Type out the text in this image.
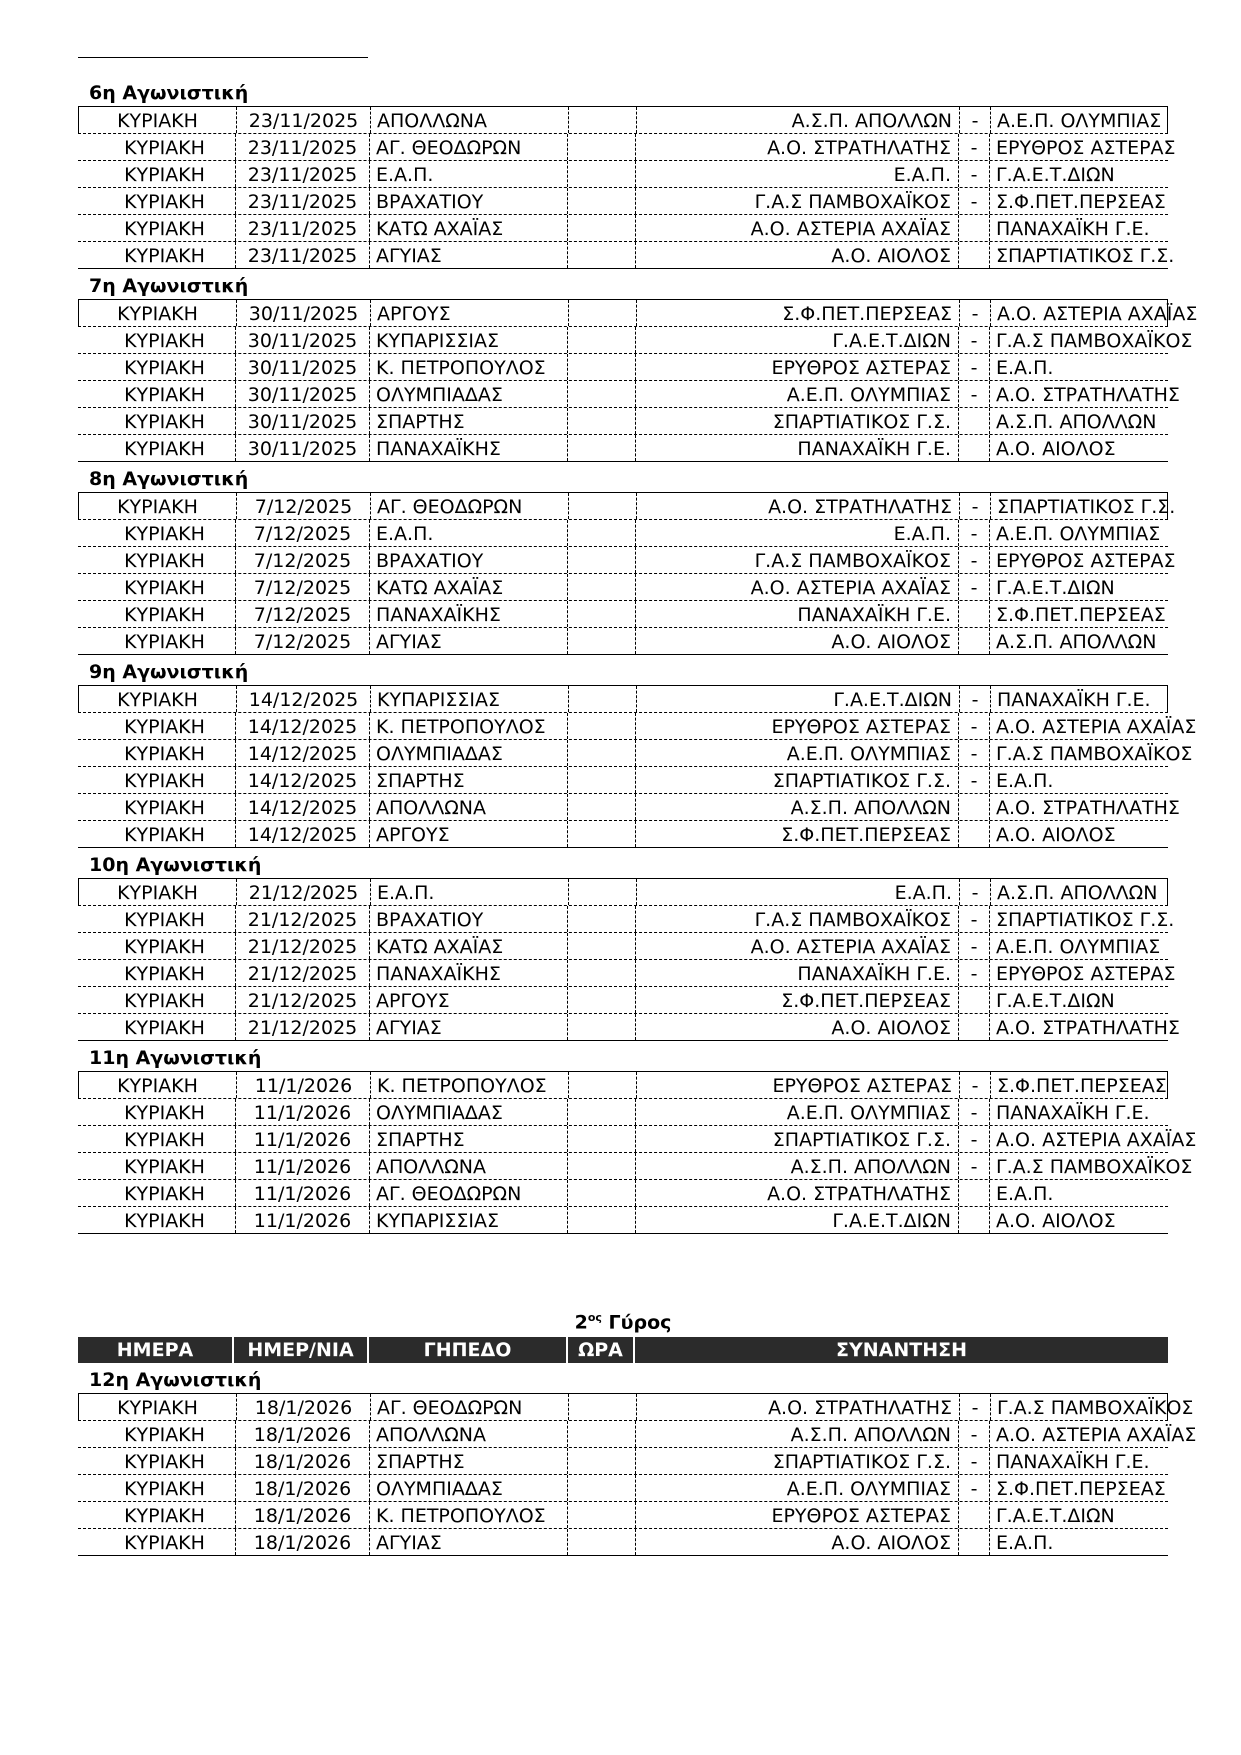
6η Αγωνιστική
ΚΥΡΙΑΚΗ	23/11/2025 ΑΠΟΛΛΩΝΑ	Α.Σ.Π. ΑΠΟΛΛΩΝ	- Α.Ε.Π. ΟΛΥΜΠΙΑΣ
ΚΥΡΙΑΚΗ	23/11/2025 ΑΓ. ΘΕΟΔΩΡΩΝ	Α.Ο. ΣΤΡΑΤΗΛΑΤΗΣ	- ΕΡΥΘΡΟΣ ΑΣΤΕΡΑΣ
ΚΥΡΙΑΚΗ	23/11/2025 Ε.Α.Π.	Ε.Α.Π.	- Γ.Α.Ε.Τ.ΔΙΩΝ
ΚΥΡΙΑΚΗ	23/11/2025 ΒΡΑΧΑΤΙΟΥ	Γ.Α.Σ ΠΑΜΒΟΧΑΪΚΟΣ	- Σ.Φ.ΠΕΤ.ΠΕΡΣΕΑΣ
ΚΥΡΙΑΚΗ	23/11/2025 ΚΑΤΩ ΑΧΑΪΑΣ	Α.Ο. ΑΣΤΕΡΙΑ ΑΧΑΪΑΣ	ΠΑΝΑΧΑΪΚΗ Γ.Ε.
ΚΥΡΙΑΚΗ	23/11/2025 ΑΓΥΙΑΣ	Α.Ο. ΑΙΟΛΟΣ	ΣΠΑΡΤΙΑΤΙΚΟΣ Γ.Σ.
7η Αγωνιστική
ΚΥΡΙΑΚΗ	30/11/2025 ΑΡΓΟΥΣ	Σ.Φ.ΠΕΤ.ΠΕΡΣΕΑΣ	- Α.Ο. ΑΣΤΕΡΙΑ ΑΧΑΪΑΣ
ΚΥΡΙΑΚΗ	30/11/2025 ΚΥΠΑΡΙΣΣΙΑΣ	Γ.Α.Ε.Τ.ΔΙΩΝ	- Γ.Α.Σ ΠΑΜΒΟΧΑΪΚΟΣ
ΚΥΡΙΑΚΗ	30/11/2025 Κ. ΠΕΤΡΟΠΟΥΛΟΣ	ΕΡΥΘΡΟΣ ΑΣΤΕΡΑΣ	- Ε.Α.Π.
ΚΥΡΙΑΚΗ	30/11/2025 ΟΛΥΜΠΙΑΔΑΣ	Α.Ε.Π. ΟΛΥΜΠΙΑΣ	- Α.Ο. ΣΤΡΑΤΗΛΑΤΗΣ
ΚΥΡΙΑΚΗ	30/11/2025 ΣΠΑΡΤΗΣ	ΣΠΑΡΤΙΑΤΙΚΟΣ Γ.Σ.	Α.Σ.Π. ΑΠΟΛΛΩΝ
ΚΥΡΙΑΚΗ	30/11/2025 ΠΑΝΑΧΑΪΚΗΣ	ΠΑΝΑΧΑΪΚΗ Γ.Ε.	Α.Ο. ΑΙΟΛΟΣ
8η Αγωνιστική
ΚΥΡΙΑΚΗ	7/12/2025	ΑΓ. ΘΕΟΔΩΡΩΝ	Α.Ο. ΣΤΡΑΤΗΛΑΤΗΣ	- ΣΠΑΡΤΙΑΤΙΚΟΣ Γ.Σ.
ΚΥΡΙΑΚΗ	7/12/2025	Ε.Α.Π.	Ε.Α.Π.	- Α.Ε.Π. ΟΛΥΜΠΙΑΣ
ΚΥΡΙΑΚΗ	7/12/2025	ΒΡΑΧΑΤΙΟΥ	Γ.Α.Σ ΠΑΜΒΟΧΑΪΚΟΣ	- ΕΡΥΘΡΟΣ ΑΣΤΕΡΑΣ
ΚΥΡΙΑΚΗ	7/12/2025	ΚΑΤΩ ΑΧΑΪΑΣ	Α.Ο. ΑΣΤΕΡΙΑ ΑΧΑΪΑΣ	- Γ.Α.Ε.Τ.ΔΙΩΝ
ΚΥΡΙΑΚΗ	7/12/2025	ΠΑΝΑΧΑΪΚΗΣ	ΠΑΝΑΧΑΪΚΗ Γ.Ε.	Σ.Φ.ΠΕΤ.ΠΕΡΣΕΑΣ
ΚΥΡΙΑΚΗ	7/12/2025	ΑΓΥΙΑΣ	Α.Ο. ΑΙΟΛΟΣ	Α.Σ.Π. ΑΠΟΛΛΩΝ
9η Αγωνιστική
ΚΥΡΙΑΚΗ	14/12/2025 ΚΥΠΑΡΙΣΣΙΑΣ	Γ.Α.Ε.Τ.ΔΙΩΝ	- ΠΑΝΑΧΑΪΚΗ Γ.Ε.
ΚΥΡΙΑΚΗ	14/12/2025 Κ. ΠΕΤΡΟΠΟΥΛΟΣ	ΕΡΥΘΡΟΣ ΑΣΤΕΡΑΣ	- Α.Ο. ΑΣΤΕΡΙΑ ΑΧΑΪΑΣ
ΚΥΡΙΑΚΗ	14/12/2025 ΟΛΥΜΠΙΑΔΑΣ	Α.Ε.Π. ΟΛΥΜΠΙΑΣ	- Γ.Α.Σ ΠΑΜΒΟΧΑΪΚΟΣ
ΚΥΡΙΑΚΗ	14/12/2025 ΣΠΑΡΤΗΣ	ΣΠΑΡΤΙΑΤΙΚΟΣ Γ.Σ.	- Ε.Α.Π.
ΚΥΡΙΑΚΗ	14/12/2025 ΑΠΟΛΛΩΝΑ	Α.Σ.Π. ΑΠΟΛΛΩΝ	Α.Ο. ΣΤΡΑΤΗΛΑΤΗΣ
ΚΥΡΙΑΚΗ	14/12/2025 ΑΡΓΟΥΣ	Σ.Φ.ΠΕΤ.ΠΕΡΣΕΑΣ	Α.Ο. ΑΙΟΛΟΣ
10η Αγωνιστική
ΚΥΡΙΑΚΗ	21/12/2025 Ε.Α.Π.	Ε.Α.Π.	- Α.Σ.Π. ΑΠΟΛΛΩΝ
ΚΥΡΙΑΚΗ	21/12/2025 ΒΡΑΧΑΤΙΟΥ	Γ.Α.Σ ΠΑΜΒΟΧΑΪΚΟΣ	- ΣΠΑΡΤΙΑΤΙΚΟΣ Γ.Σ.
ΚΥΡΙΑΚΗ	21/12/2025 ΚΑΤΩ ΑΧΑΪΑΣ	Α.Ο. ΑΣΤΕΡΙΑ ΑΧΑΪΑΣ	- Α.Ε.Π. ΟΛΥΜΠΙΑΣ
ΚΥΡΙΑΚΗ	21/12/2025 ΠΑΝΑΧΑΪΚΗΣ	ΠΑΝΑΧΑΪΚΗ Γ.Ε.	- ΕΡΥΘΡΟΣ ΑΣΤΕΡΑΣ
ΚΥΡΙΑΚΗ	21/12/2025 ΑΡΓΟΥΣ	Σ.Φ.ΠΕΤ.ΠΕΡΣΕΑΣ	Γ.Α.Ε.Τ.ΔΙΩΝ
ΚΥΡΙΑΚΗ	21/12/2025 ΑΓΥΙΑΣ	Α.Ο. ΑΙΟΛΟΣ	Α.Ο. ΣΤΡΑΤΗΛΑΤΗΣ
11η Αγωνιστική
ΚΥΡΙΑΚΗ	11/1/2026	Κ. ΠΕΤΡΟΠΟΥΛΟΣ	ΕΡΥΘΡΟΣ ΑΣΤΕΡΑΣ	- Σ.Φ.ΠΕΤ.ΠΕΡΣΕΑΣ
ΚΥΡΙΑΚΗ	11/1/2026	ΟΛΥΜΠΙΑΔΑΣ	Α.Ε.Π. ΟΛΥΜΠΙΑΣ	- ΠΑΝΑΧΑΪΚΗ Γ.Ε.
ΚΥΡΙΑΚΗ	11/1/2026	ΣΠΑΡΤΗΣ	ΣΠΑΡΤΙΑΤΙΚΟΣ Γ.Σ.	- Α.Ο. ΑΣΤΕΡΙΑ ΑΧΑΪΑΣ
ΚΥΡΙΑΚΗ	11/1/2026	ΑΠΟΛΛΩΝΑ	Α.Σ.Π. ΑΠΟΛΛΩΝ	- Γ.Α.Σ ΠΑΜΒΟΧΑΪΚΟΣ
ΚΥΡΙΑΚΗ	11/1/2026	ΑΓ. ΘΕΟΔΩΡΩΝ	Α.Ο. ΣΤΡΑΤΗΛΑΤΗΣ	Ε.Α.Π.
ΚΥΡΙΑΚΗ	11/1/2026	ΚΥΠΑΡΙΣΣΙΑΣ	Γ.Α.Ε.Τ.ΔΙΩΝ	Α.Ο. ΑΙΟΛΟΣ
$2^{o\varsigma}$ Γύρος
ΗΜΕΡΑ	ΗΜΕΡ/ΝΙΑ	ΓΗΠΕΔΟ	ΩΡΑ	ΣΥΝΑΝΤΗΣΗ
12η Αγωνιστική
ΚΥΡΙΑΚΗ	18/1/2026	ΑΓ. ΘΕΟΔΩΡΩΝ	Α.Ο. ΣΤΡΑΤΗΛΑΤΗΣ	- Γ.Α.Σ ΠΑΜΒΟΧΑΪΚΟΣ
ΚΥΡΙΑΚΗ	18/1/2026	ΑΠΟΛΛΩΝΑ	Α.Σ.Π. ΑΠΟΛΛΩΝ	- Α.Ο. ΑΣΤΕΡΙΑ ΑΧΑΪΑΣ
ΚΥΡΙΑΚΗ	18/1/2026	ΣΠΑΡΤΗΣ	ΣΠΑΡΤΙΑΤΙΚΟΣ Γ.Σ.	- ΠΑΝΑΧΑΪΚΗ Γ.Ε.
ΚΥΡΙΑΚΗ	18/1/2026	ΟΛΥΜΠΙΑΔΑΣ	Α.Ε.Π. ΟΛΥΜΠΙΑΣ	- Σ.Φ.ΠΕΤ.ΠΕΡΣΕΑΣ
ΚΥΡΙΑΚΗ	18/1/2026	Κ. ΠΕΤΡΟΠΟΥΛΟΣ	ΕΡΥΘΡΟΣ ΑΣΤΕΡΑΣ	Γ.Α.Ε.Τ.ΔΙΩΝ
ΚΥΡΙΑΚΗ	18/1/2026	ΑΓΥΙΑΣ	Α.Ο. ΑΙΟΛΟΣ	Ε.Α.Π.
